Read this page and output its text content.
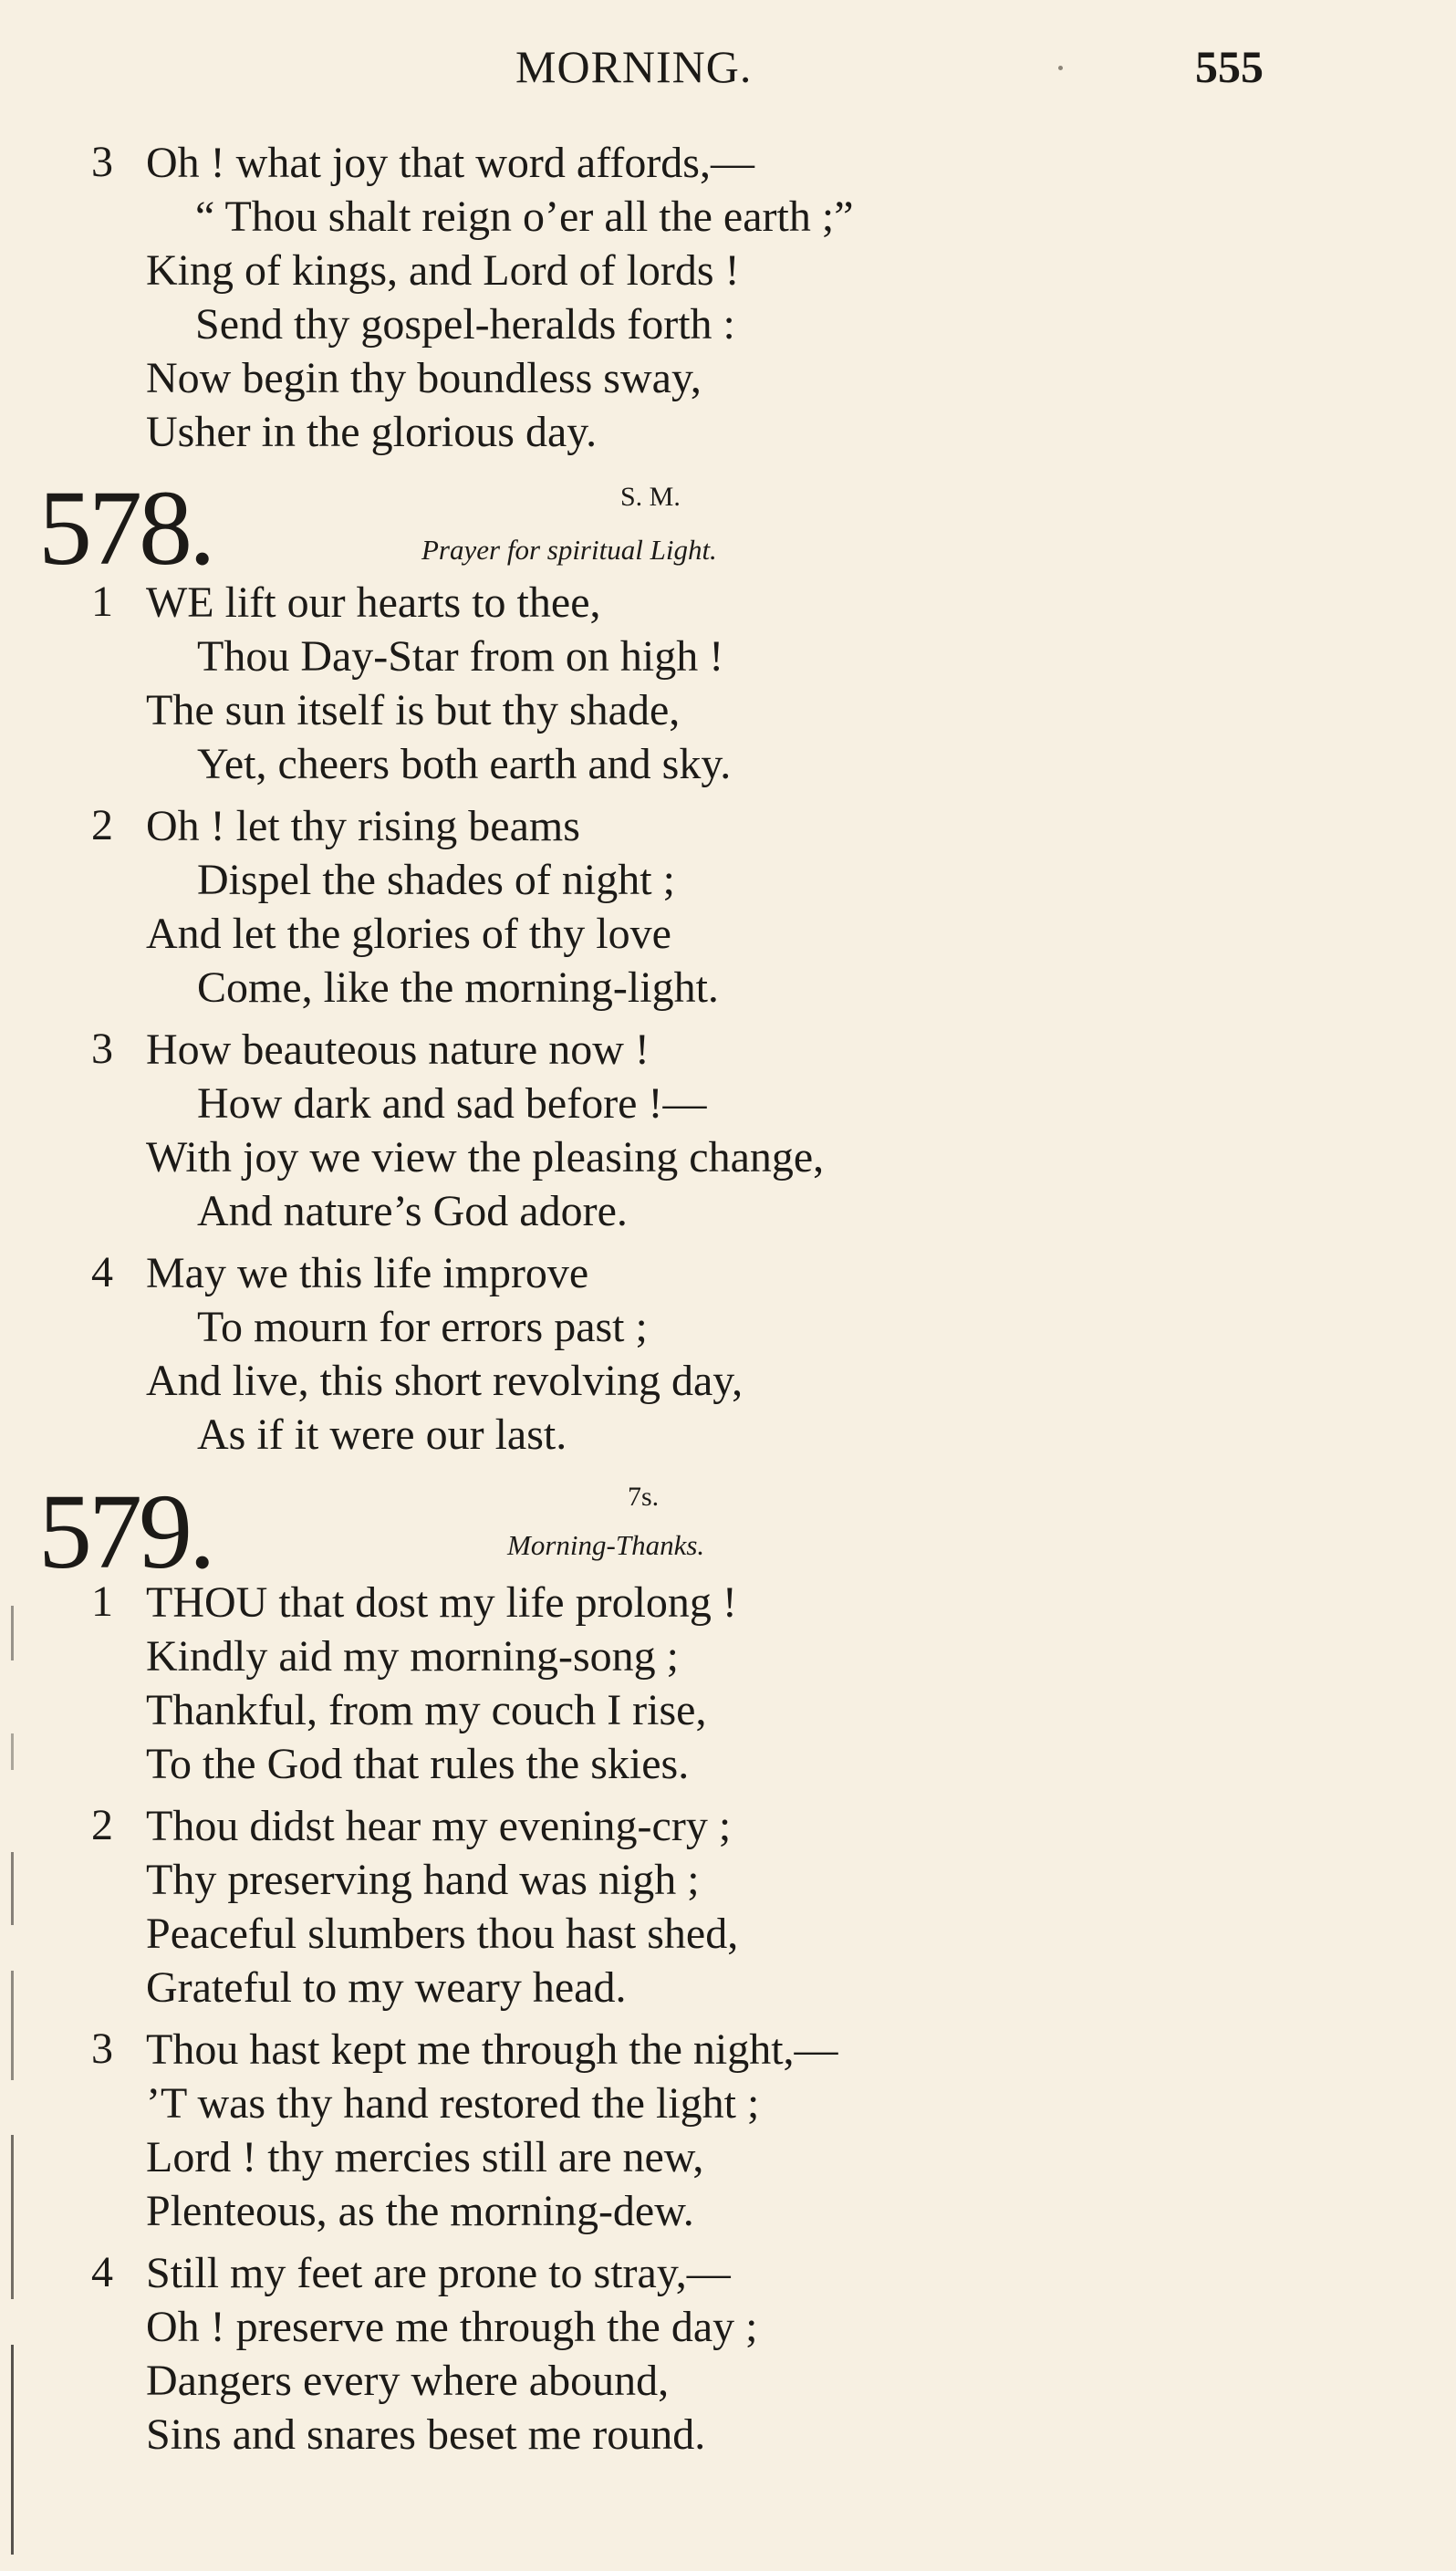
MORNING.	555
3 Oh ! what joy that word affords,—
“ Thou shalt reign o’er all the earth ;”
King of kings, and Lord of lords !
Send thy gospel-heralds forth :
Now begin thy boundless sway,
Usher in the glorious day.
578.	S. M.
Prayer for spiritual Light.
1 WE lift our hearts to thee,
Thou Day-Star from on high !
The sun itself is but thy shade,
Yet, cheers both earth and sky.
2 Oh ! let thy rising beams
Dispel the shades of night ;
And let the glories of thy love
Come, like the morning-light.
3 How beauteous nature now !
How dark and sad before !—
With joy we view the pleasing change,
And nature’s God adore.
4 May we this life improve
To mourn for errors past ;
And live, this short revolving day,
As if it were our last.
579.	7s.
Morning-Thanks.
1 THOU that dost my life prolong !
Kindly aid my morning-song ;
Thankful, from my couch I rise,
To the God that rules the skies.
2 Thou didst hear my evening-cry ;
Thy preserving hand was nigh ;
Peaceful slumbers thou hast shed,
Grateful to my weary head.
3 Thou hast kept me through the night,—
’T was thy hand restored the light ;
Lord ! thy mercies still are new,
Plenteous, as the morning-dew.
4 Still my feet are prone to stray,—
Oh ! preserve me through the day ;
Dangers every where abound,
Sins and snares beset me round.
